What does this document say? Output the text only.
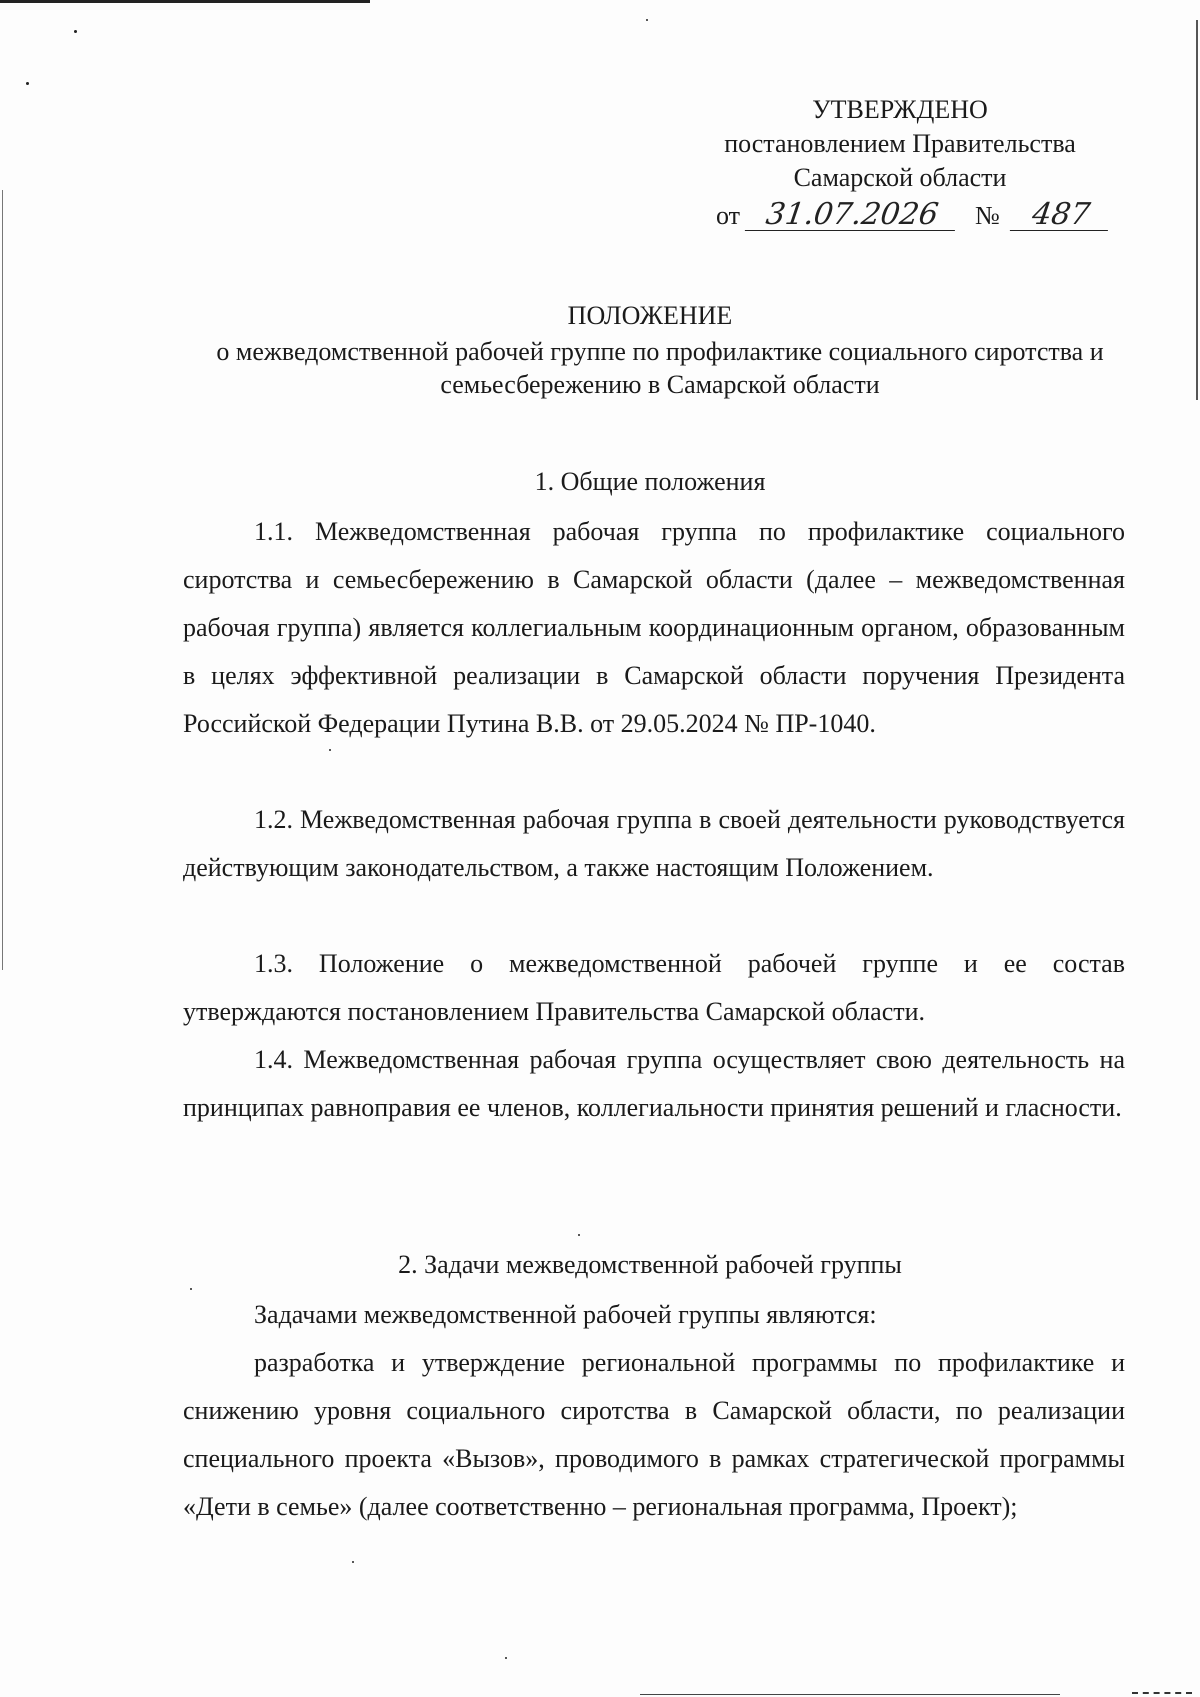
УТВЕРЖДЕНО
постановлением Правительства
Самарской области
от 31.07.2026 № 487
ПОЛОЖЕНИЕ
о межведомственной рабочей группе по профилактике социального сиротства и семьесбережению в Самарской области
1. Общие положения

1.1. Межведомственная рабочая группа по профилактике социального сиротства и семьесбережению в Самарской области (далее – межведомственная рабочая группа) является коллегиальным координационным органом, образованным в целях эффективной реализации в Самарской области поручения Президента Российской Федерации Путина В.В. от 29.05.2024 № ПР-1040.

1.2. Межведомственная рабочая группа в своей деятельности руководствуется действующим законодательством, а также настоящим Положением.

1.3. Положение о межведомственной рабочей группе и ее состав утверждаются постановлением Правительства Самарской области.

1.4. Межведомственная рабочая группа осуществляет свою деятельность на принципах равноправия ее членов, коллегиальности принятия решений и гласности.

2. Задачи межведомственной рабочей группы

Задачами межведомственной рабочей группы являются:

разработка и утверждение региональной программы по профилактике и снижению уровня социального сиротства в Самарской области, по реализации специального проекта «Вызов», проводимого в рамках стратегической программы «Дети в семье» (далее соответственно – региональная программа, Проект);
